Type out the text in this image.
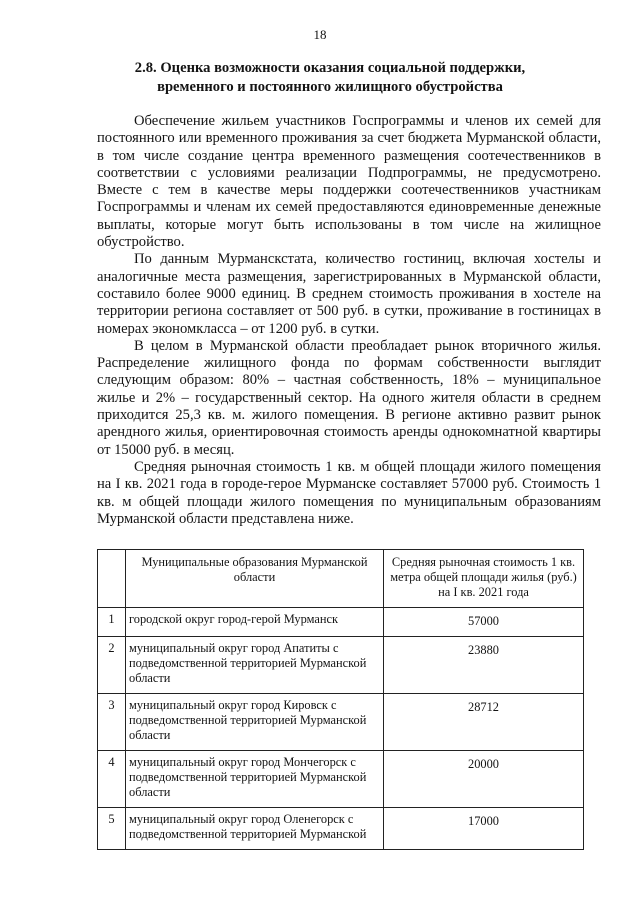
18
2.8. Оценка возможности оказания социальной поддержки,
временного и постоянного жилищного обустройства

Обеспечение жильем участников Госпрограммы и членов их семей для постоянного или временного проживания за счет бюджета Мурманской области, в том числе создание центра временного размещения соотечественников в соответствии с условиями реализации Подпрограммы, не предусмотрено. Вместе с тем в качестве меры поддержки соотечественников участникам Госпрограммы и членам их семей предоставляются единовременные денежные выплаты, которые могут быть использованы в том числе на жилищное обустройство.

По данным Мурманскстата, количество гостиниц, включая хостелы и аналогичные места размещения, зарегистрированных в Мурманской области, составило более 9000 единиц. В среднем стоимость проживания в хостеле на территории региона составляет от 500 руб. в сутки, проживание в гостиницах в номерах экономкласса – от 1200 руб. в сутки.

В целом в Мурманской области преобладает рынок вторичного жилья. Распределение жилищного фонда по формам собственности выглядит следующим образом: 80% – частная собственность, 18% – муниципальное жилье и 2% – государственный сектор. На одного жителя области в среднем приходится 25,3 кв. м. жилого помещения. В регионе активно развит рынок арендного жилья, ориентировочная стоимость аренды однокомнатной квартиры от 15000 руб. в месяц.

Средняя рыночная стоимость 1 кв. м общей площади жилого помещения на I кв. 2021 года в городе-герое Мурманске составляет 57000 руб. Стоимость 1 кв. м общей площади жилого помещения по муниципальным образованиям Мурманской области представлена ниже.

	Муниципальные образования Мурманской области	Средняя рыночная стоимость 1 кв. метра общей площади жилья (руб.) на I кв. 2021 года
1	городской округ город-герой Мурманск	57000
2	муниципальный округ город Апатиты с подведомственной территорией Мурманской области	23880
3	муниципальный округ город Кировск с подведомственной территорией Мурманской области	28712
4	муниципальный округ город Мончегорск с подведомственной территорией Мурманской области	20000
5	муниципальный округ город Оленегорск с подведомственной территорией Мурманской	17000
